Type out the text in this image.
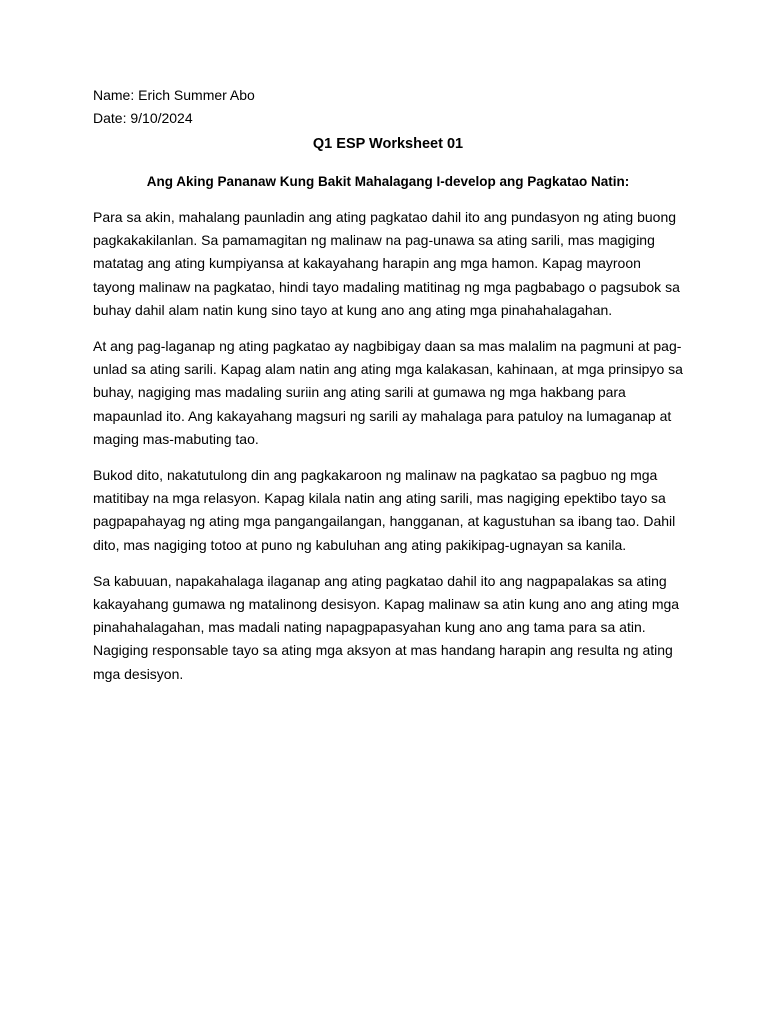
Name: Erich Summer Abo

Date: 9/10/2024

Q1 ESP Worksheet 01
Ang Aking Pananaw Kung Bakit Mahalagang I-develop ang Pagkatao Natin:

Para sa akin, mahalang paunladin ang ating pagkatao dahil ito ang pundasyon ng ating buong pagkakakilanlan. Sa pamamagitan ng malinaw na pag-unawa sa ating sarili, mas magiging matatag ang ating kumpiyansa at kakayahang harapin ang mga hamon. Kapag mayroon tayong malinaw na pagkatao, hindi tayo madaling matitinag ng mga pagbabago o pagsubok sa buhay dahil alam natin kung sino tayo at kung ano ang ating mga pinahahalagahan.

At ang pag-laganap ng ating pagkatao ay nagbibigay daan sa mas malalim na pagmuni at pag-unlad sa ating sarili. Kapag alam natin ang ating mga kalakasan, kahinaan, at mga prinsipyo sa buhay, nagiging mas madaling suriin ang ating sarili at gumawa ng mga hakbang para mapaunlad ito. Ang kakayahang magsuri ng sarili ay mahalaga para patuloy na lumaganap at maging mas-mabuting tao.

Bukod dito, nakatutulong din ang pagkakaroon ng malinaw na pagkatao sa pagbuo ng mga matitibay na mga relasyon. Kapag kilala natin ang ating sarili, mas nagiging epektibo tayo sa pagpapahayag ng ating mga pangangailangan, hangganan, at kagustuhan sa ibang tao. Dahil dito, mas nagiging totoo at puno ng kabuluhan ang ating pakikipag-ugnayan sa kanila.

Sa kabuuan, napakahalaga ilaganap ang ating pagkatao dahil ito ang nagpapalakas sa ating kakayahang gumawa ng matalinong desisyon. Kapag malinaw sa atin kung ano ang ating mga pinahahalagahan, mas madali nating napagpapasyahan kung ano ang tama para sa atin. Nagiging responsable tayo sa ating mga aksyon at mas handang harapin ang resulta ng ating mga desisyon.
